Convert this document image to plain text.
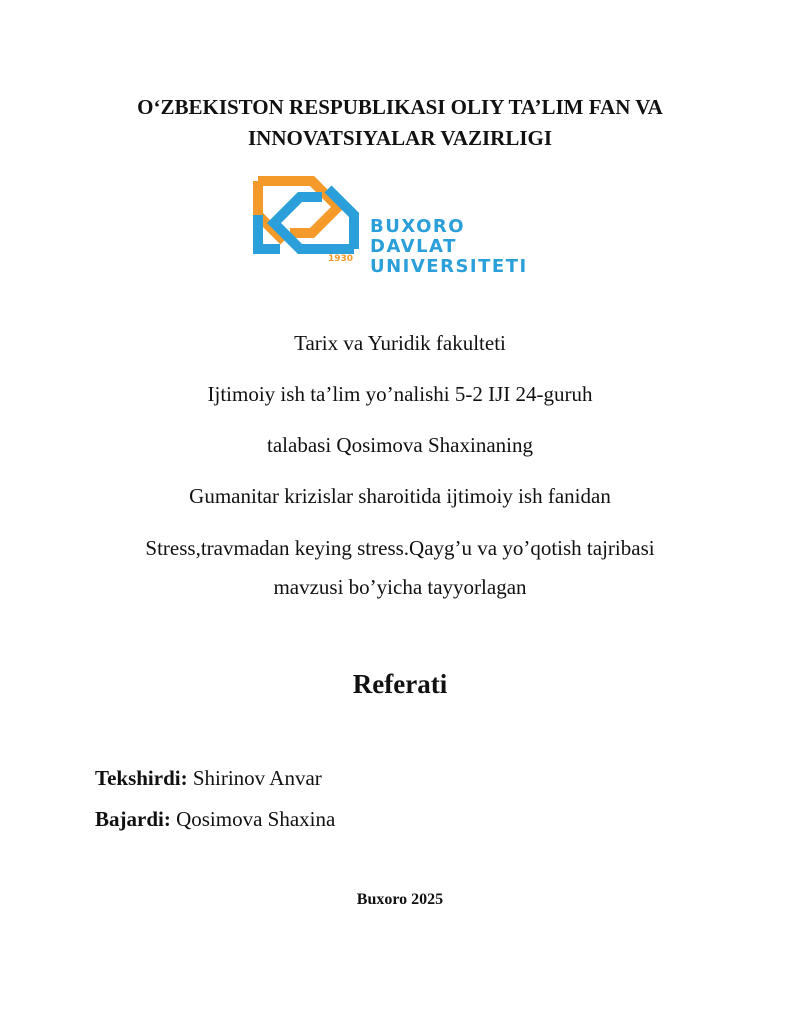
O‘ZBEKISTON RESPUBLIKASI OLIY TA’LIM FAN VA
INNOVATSIYALAR VAZIRLIGI
BUXORO
DAVLAT
UNIVERSITETI
1930
Tarix va Yuridik fakulteti
Ijtimoiy ish ta’lim yo’nalishi 5-2 IJI 24-guruh
talabasi Qosimova Shaxinaning
Gumanitar krizislar sharoitida ijtimoiy ish fanidan
Stress,travmadan keying stress.Qayg’u va yo’qotish tajribasi
mavzusi bo’yicha tayyorlagan
Referati
Tekshirdi: Shirinov Anvar
Bajardi: Qosimova Shaxina
Buxoro 2025
